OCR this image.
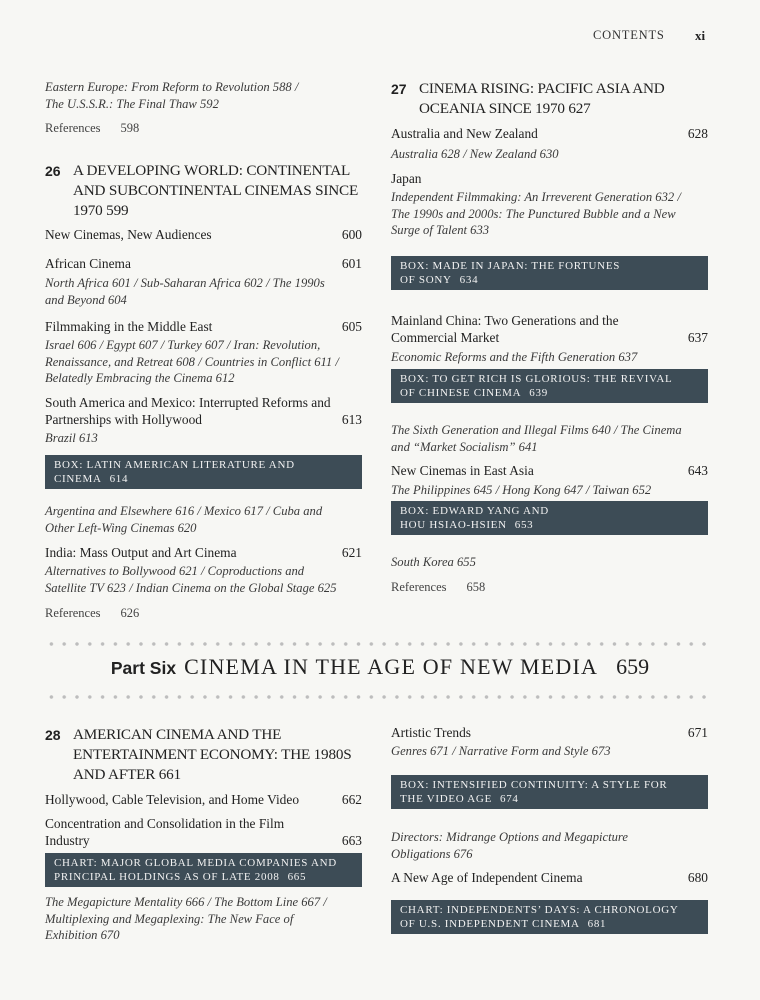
CONTENTS xi
Eastern Europe: From Reform to Revolution 588 /
The U.S.S.R.: The Final Thaw 592
References 598
26 A DEVELOPING WORLD: CONTINENTAL
AND SUBCONTINENTAL CINEMAS SINCE
1970 599
New Cinemas, New Audiences	600
African Cinema	601
North Africa 601 / Sub-Saharan Africa 602 / The 1990s
and Beyond 604
Filmmaking in the Middle East	605
Israel 606 / Egypt 607 / Turkey 607 / Iran: Revolution,
Renaissance, and Retreat 608 / Countries in Conflict 611 /
Belatedly Embracing the Cinema 612
South America and Mexico: Interrupted Reforms and
Partnerships with Hollywood	613
Brazil 613
BOX: LATIN AMERICAN LITERATURE AND
CINEMA 614
Argentina and Elsewhere 616 / Mexico 617 / Cuba and
Other Left-Wing Cinemas 620
India: Mass Output and Art Cinema	621
Alternatives to Bollywood 621 / Coproductions and
Satellite TV 623 / Indian Cinema on the Global Stage 625
References 626
27 CINEMA RISING: PACIFIC ASIA AND
OCEANIA SINCE 1970 627
Australia and New Zealand	628
Australia 628 / New Zealand 630
Japan
Independent Filmmaking: An Irreverent Generation 632 /
The 1990s and 2000s: The Punctured Bubble and a New
Surge of Talent 633
BOX: MADE IN JAPAN: THE FORTUNES
OF SONY 634
Mainland China: Two Generations and the
Commercial Market	637
Economic Reforms and the Fifth Generation 637
BOX: TO GET RICH IS GLORIOUS: THE REVIVAL
OF CHINESE CINEMA 639
The Sixth Generation and Illegal Films 640 / The Cinema
and “Market Socialism” 641
New Cinemas in East Asia	643
The Philippines 645 / Hong Kong 647 / Taiwan 652
BOX: EDWARD YANG AND
HOU HSIAO-HSIEN 653
South Korea 655
References 658
Part Six CINEMA IN THE AGE OF NEW MEDIA 659
28 AMERICAN CINEMA AND THE
ENTERTAINMENT ECONOMY: THE 1980S
AND AFTER 661
Hollywood, Cable Television, and Home Video	662
Concentration and Consolidation in the Film
Industry	663
CHART: MAJOR GLOBAL MEDIA COMPANIES AND
PRINCIPAL HOLDINGS AS OF LATE 2008 665
The Megapicture Mentality 666 / The Bottom Line 667 /
Multiplexing and Megaplexing: The New Face of
Exhibition 670
Artistic Trends	671
Genres 671 / Narrative Form and Style 673
BOX: INTENSIFIED CONTINUITY: A STYLE FOR
THE VIDEO AGE 674
Directors: Midrange Options and Megapicture
Obligations 676
A New Age of Independent Cinema	680
CHART: INDEPENDENTS’ DAYS: A CHRONOLOGY
OF U.S. INDEPENDENT CINEMA 681
